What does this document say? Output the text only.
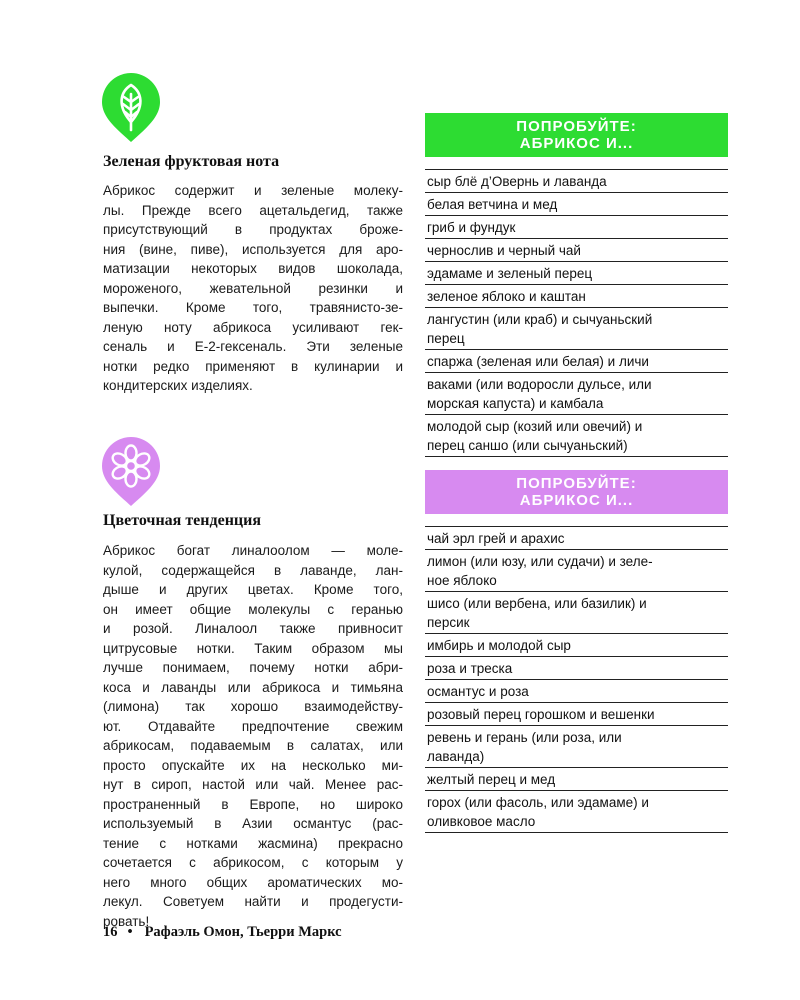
Зеленая фруктовая нота
Абрикос содержит и зеленые молеку-
лы. Прежде всего ацетальдегид, также
присутствующий в продуктах броже-
ния (вине, пиве), используется для аро-
матизации некоторых видов шоколада,
мороженого, жевательной резинки и
выпечки. Кроме того, травянисто-зе-
леную ноту абрикоса усиливают гек-
сеналь и Е-2-гексеналь. Эти зеленые
нотки редко применяют в кулинарии и
кондитерских изделиях.
ПОПРОБУЙТЕ:
АБРИКОС И...
сыр блё д’Овернь и лаванда
белая ветчина и мед
гриб и фундук
чернослив и черный чай
эдамаме и зеленый перец
зеленое яблоко и каштан
лангустин (или краб) и сычуаньский
перец
спаржа (зеленая или белая) и личи
ваками (или водоросли дульсе, или
морская капуста) и камбала
молодой сыр (козий или овечий) и
перец саншо (или сычуаньский)
Цветочная тенденция
Абрикос богат линалоолом — моле-
кулой, содержащейся в лаванде, лан-
дыше и других цветах. Кроме того,
он имеет общие молекулы с геранью
и розой. Линалоол также привносит
цитрусовые нотки. Таким образом мы
лучше понимаем, почему нотки абри-
коса и лаванды или абрикоса и тимьяна
(лимона) так хорошо взаимодейству-
ют. Отдавайте предпочтение свежим
абрикосам, подаваемым в салатах, или
просто опускайте их на несколько ми-
нут в сироп, настой или чай. Менее рас-
пространенный в Европе, но широко
используемый в Азии османтус (рас-
тение с нотками жасмина) прекрасно
сочетается с абрикосом, с которым у
него много общих ароматических мо-
лекул. Советуем найти и продегусти-
ровать!
ПОПРОБУЙТЕ:
АБРИКОС И...
чай эрл грей и арахис
лимон (или юзу, или судачи) и зеле-
ное яблоко
шисо (или вербена, или базилик) и
персик
имбирь и молодой сыр
роза и треска
османтус и роза
розовый перец горошком и вешенки
ревень и герань (или роза, или
лаванда)
желтый перец и мед
горох (или фасоль, или эдамаме) и
оливковое масло
16 • Рафаэль Омон, Тьерри Маркс
